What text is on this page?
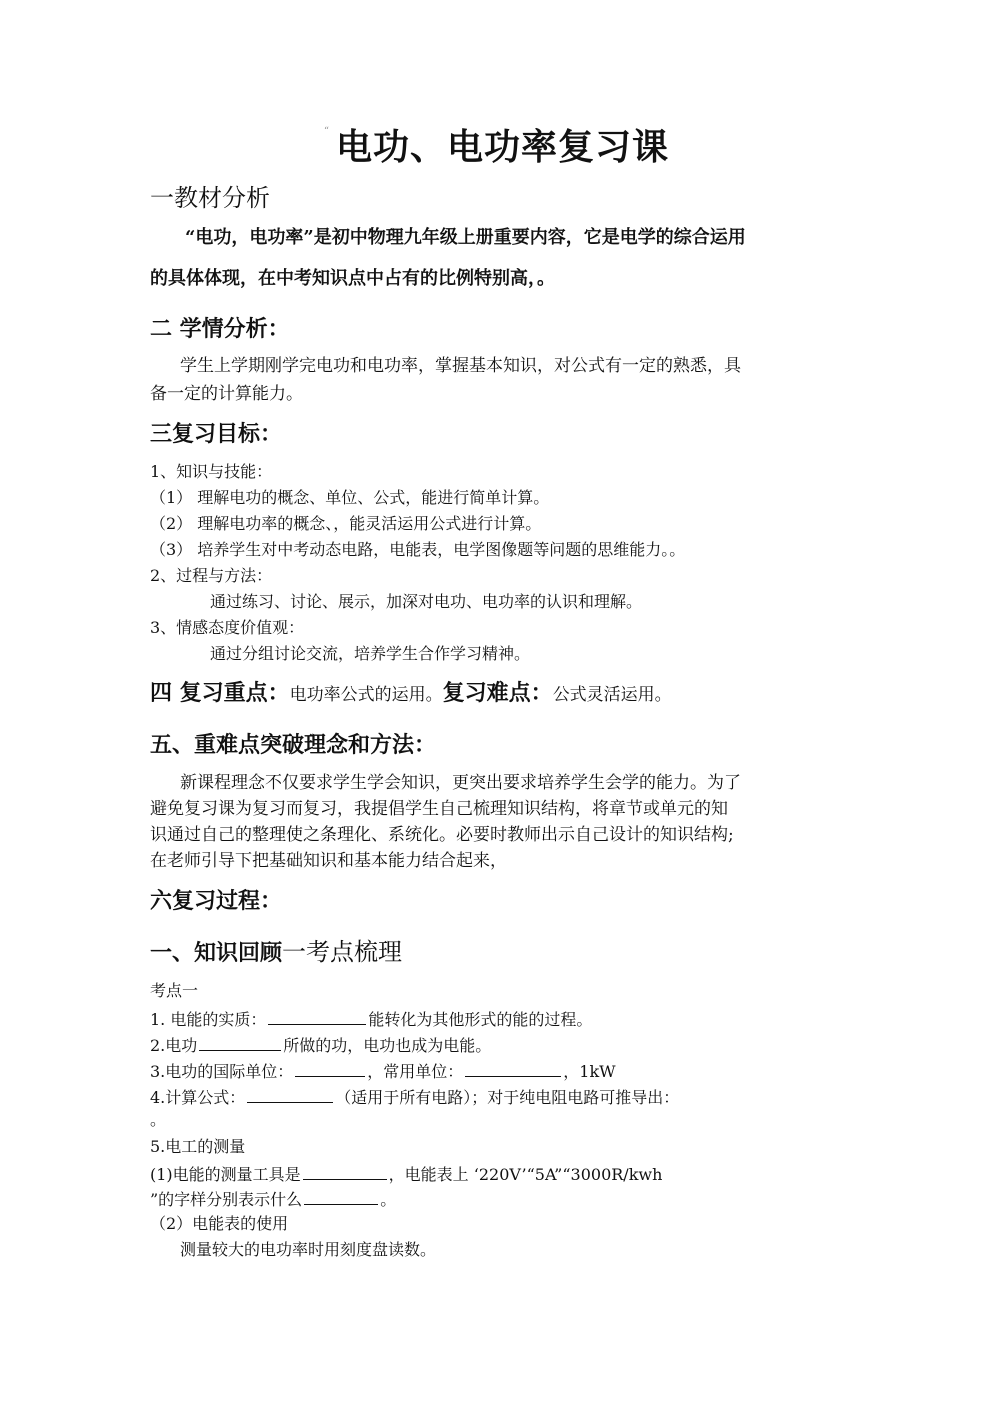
“ 电功、电功率复习课
一教材分析
“电功，电功率”是初中物理九年级上册重要内容，它是电学的综合运用
的具体体现，在中考知识点中占有的比例特别高，。
二 学情分析：
学生上学期刚学完电功和电功率，掌握基本知识，对公式有一定的熟悉，具
备一定的计算能力。
三复习目标：
1、知识与技能：
（1） 理解电功的概念、单位、公式，能进行简单计算。
（2） 理解电功率的概念、，能灵活运用公式进行计算。
（3） 培养学生对中考动态电路，电能表，电学图像题等问题的思维能力。。
2、过程与方法：
通过练习、讨论、展示，加深对电功、电功率的认识和理解。
3、情感态度价值观：
通过分组讨论交流，培养学生合作学习精神。
四 复习重点：电功率公式的运用。复习难点：公式灵活运用。
五、重难点突破理念和方法：
新课程理念不仅要求学生学会知识，更突出要求培养学生会学的能力。为了
避免复习课为复习而复习，我提倡学生自己梳理知识结构，将章节或单元的知
识通过自己的整理使之条理化、系统化。必要时教师出示自己设计的知识结构;
在老师引导下把基础知识和基本能力结合起来，
六复习过程：
一、知识回顾一考点梳理
考点一
1. 电能的实质：	能转化为其他形式的能的过程。
2.电功	所做的功，电功也成为电能。
3.电功的国际单位：	，常用单位：	，1kW
4.计算公式：	（适用于所有电路）；对于纯电阻电路可推导出：
。
5.电工的测量
(1)电能的测量工具是	，电能表上 ‘220V’“5A”“3000R/kwh
”的字样分别表示什么	。
（2）电能表的使用
测量较大的电功率时用刻度盘读数。
